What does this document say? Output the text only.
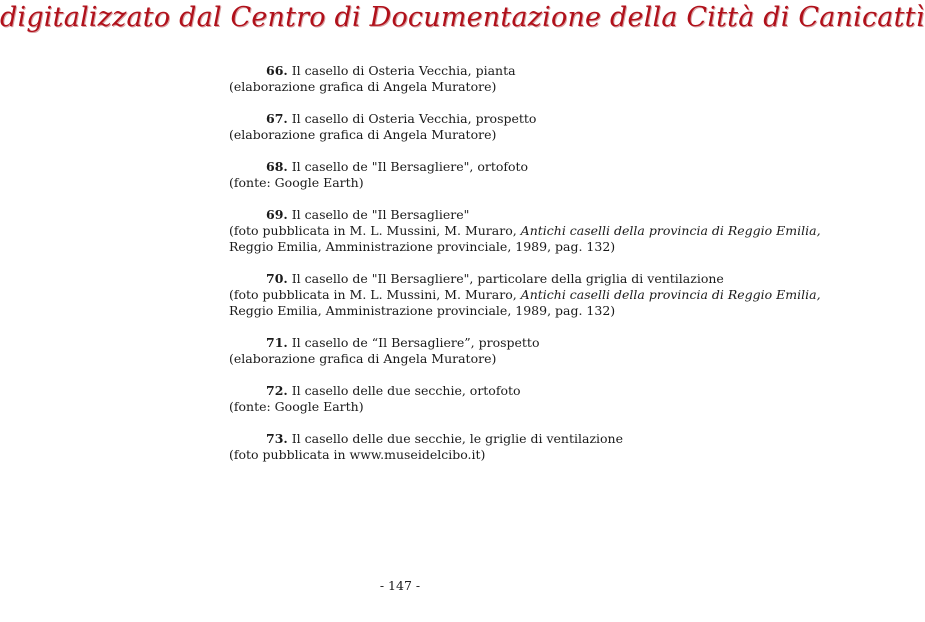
digitalizzato dal Centro di Documentazione della Città di Canicattì
66. Il casello di Osteria Vecchia, pianta
(elaborazione grafica di Angela Muratore)
67. Il casello di Osteria Vecchia, prospetto
(elaborazione grafica di Angela Muratore)
68. Il casello de "Il Bersagliere", ortofoto
(fonte: Google Earth)
69. Il casello de "Il Bersagliere"
(foto pubblicata in M. L. Mussini, M. Muraro, Antichi caselli della provincia di Reggio Emilia,
Reggio Emilia, Amministrazione provinciale, 1989, pag. 132)
70. Il casello de "Il Bersagliere", particolare della griglia di ventilazione
(foto pubblicata in M. L. Mussini, M. Muraro, Antichi caselli della provincia di Reggio Emilia,
Reggio Emilia, Amministrazione provinciale, 1989, pag. 132)
71. Il casello de “Il Bersagliere”, prospetto
(elaborazione grafica di Angela Muratore)
72. Il casello delle due secchie, ortofoto
(fonte: Google Earth)
73. Il casello delle due secchie, le griglie di ventilazione
(foto pubblicata in www.museidelcibo.it)
- 147 -
